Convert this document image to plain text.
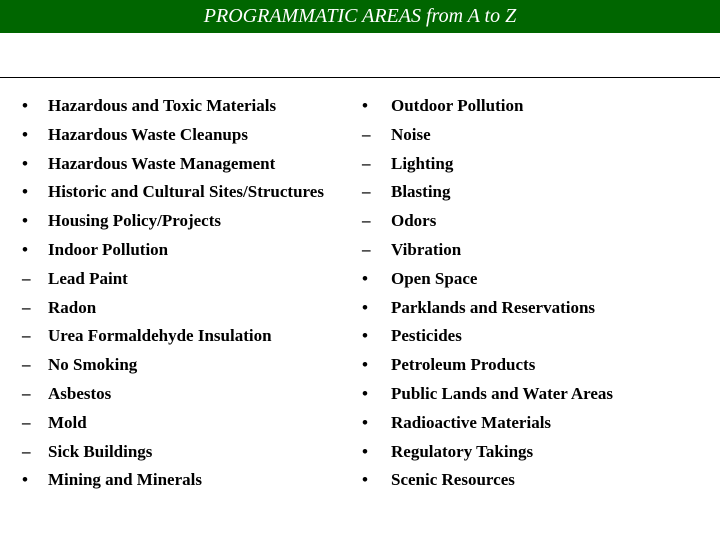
PROGRAMMATIC AREAS from A to Z
•	Hazardous and Toxic Materials
•	Hazardous Waste Cleanups
•	Hazardous Waste Management
•	Historic and Cultural Sites/Structures
•	Housing Policy/Projects
•	Indoor Pollution
–	Lead Paint
–	Radon
–	Urea Formaldehyde Insulation
–	No Smoking
–	Asbestos
–	Mold
–	Sick Buildings
•	Mining and Minerals
•	Outdoor Pollution
–	Noise
–	Lighting
–	Blasting
–	Odors
–	Vibration
•	Open Space
•	Parklands and Reservations
•	Pesticides
•	Petroleum Products
•	Public Lands and Water Areas
•	Radioactive Materials
•	Regulatory Takings
•	Scenic Resources
